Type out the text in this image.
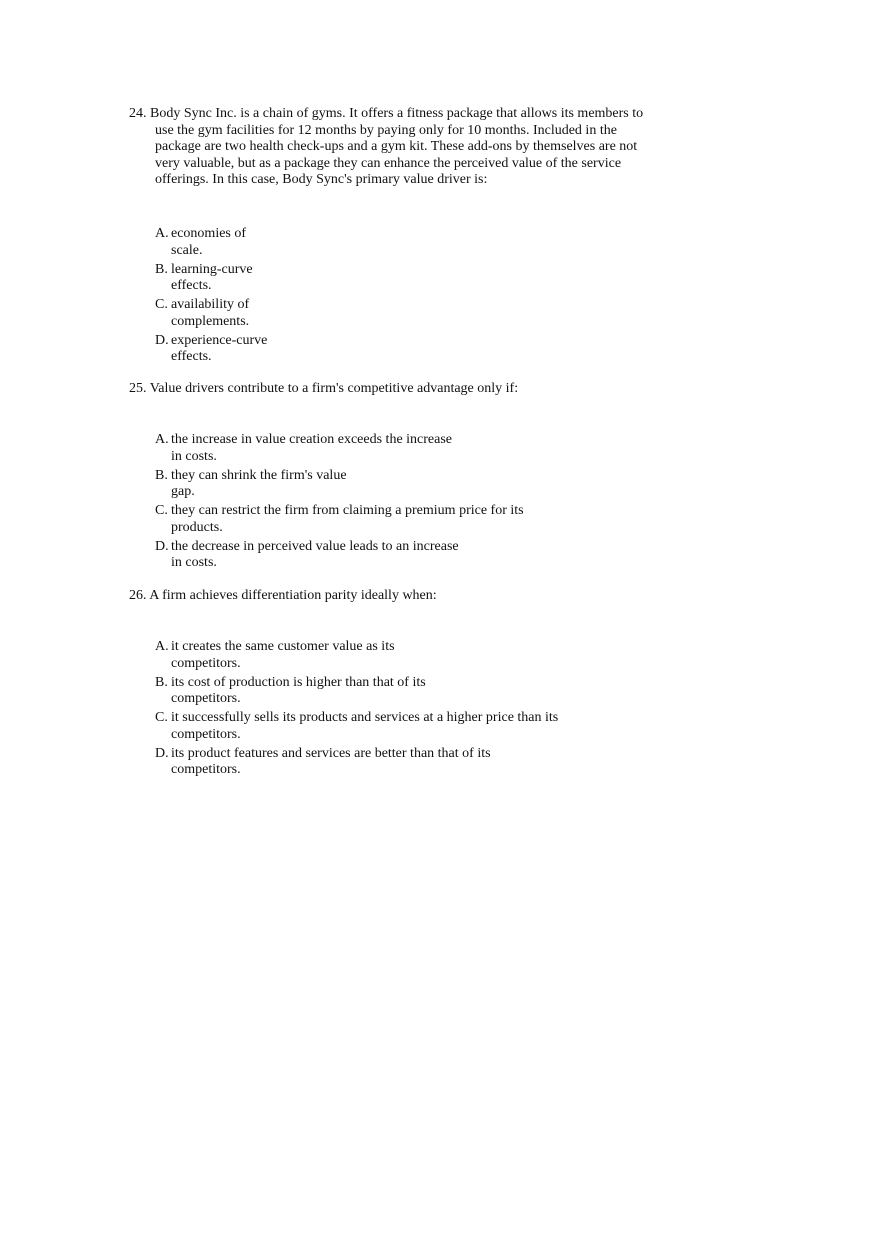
24. Body Sync Inc. is a chain of gyms. It offers a fitness package that allows its members to use the gym facilities for 12 months by paying only for 10 months. Included in the package are two health check-ups and a gym kit. These add-ons by themselves are not very valuable, but as a package they can enhance the perceived value of the service offerings. In this case, Body Sync's primary value driver is:
A. economies of scale.
B. learning-curve effects.
C. availability of complements.
D. experience-curve effects.
25. Value drivers contribute to a firm's competitive advantage only if:
A. the increase in value creation exceeds the increase in costs.
B. they can shrink the firm's value gap.
C. they can restrict the firm from claiming a premium price for its products.
D. the decrease in perceived value leads to an increase in costs.
26. A firm achieves differentiation parity ideally when:
A. it creates the same customer value as its competitors.
B. its cost of production is higher than that of its competitors.
C. it successfully sells its products and services at a higher price than its competitors.
D. its product features and services are better than that of its competitors.
